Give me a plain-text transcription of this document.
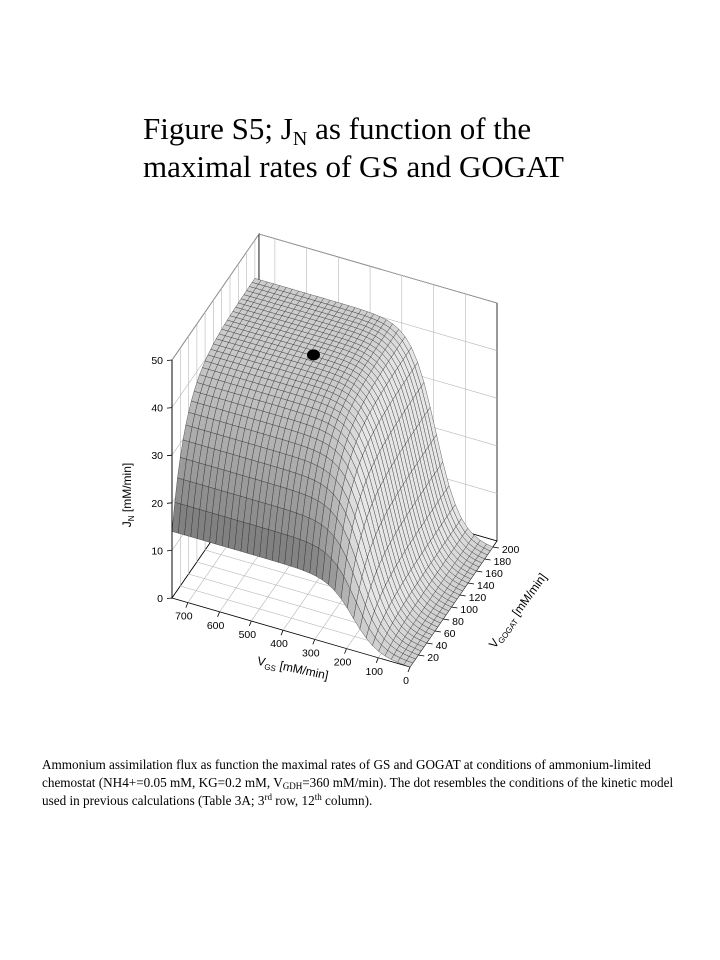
Figure S5; $J_N$ as function of the
maximal rates of GS and GOGAT
0
10
20
30
40
50
700
600
500
400
300
200
100
0
20
40
60
80
100
120
140
160
180
200
$J_N$ [mM/min]
$V_{GS}$ [mM/min]
$V_{GOGAT}$ [mM/min]
Ammonium assimilation flux as function the maximal rates of GS and GOGAT at conditions of ammonium-limited chemostat (NH4+=0.05 mM, KG=0.2 mM, $V_{GDH}=360$ mM/min). The dot resembles the conditions of the kinetic model used in previous calculations (Table 3A; 3rd row, 12th column).
